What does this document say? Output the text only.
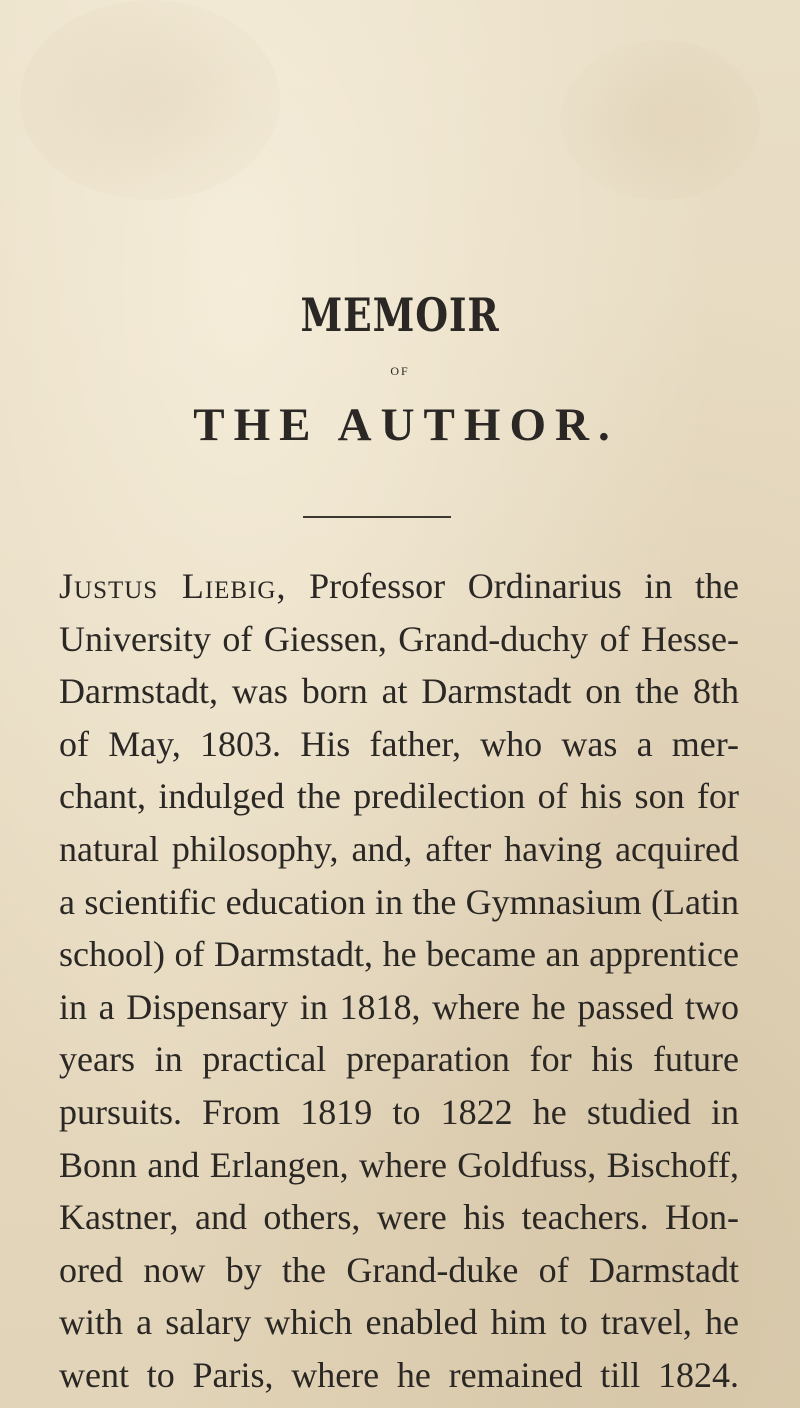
MEMOIR
OF
THE AUTHOR.
Justus Liebig, Professor Ordinarius in the
University of Giessen, Grand-duchy of Hesse-
Darmstadt, was born at Darmstadt on the 8th
of May, 1803. His father, who was a mer-
chant, indulged the predilection of his son for
natural philosophy, and, after having acquired
a scientific education in the Gymnasium (Latin
school) of Darmstadt, he became an apprentice
in a Dispensary in 1818, where he passed two
years in practical preparation for his future
pursuits. From 1819 to 1822 he studied in
Bonn and Erlangen, where Goldfuss, Bischoff,
Kastner, and others, were his teachers. Hon-
ored now by the Grand-duke of Darmstadt
with a salary which enabled him to travel, he
went to Paris, where he remained till 1824.
